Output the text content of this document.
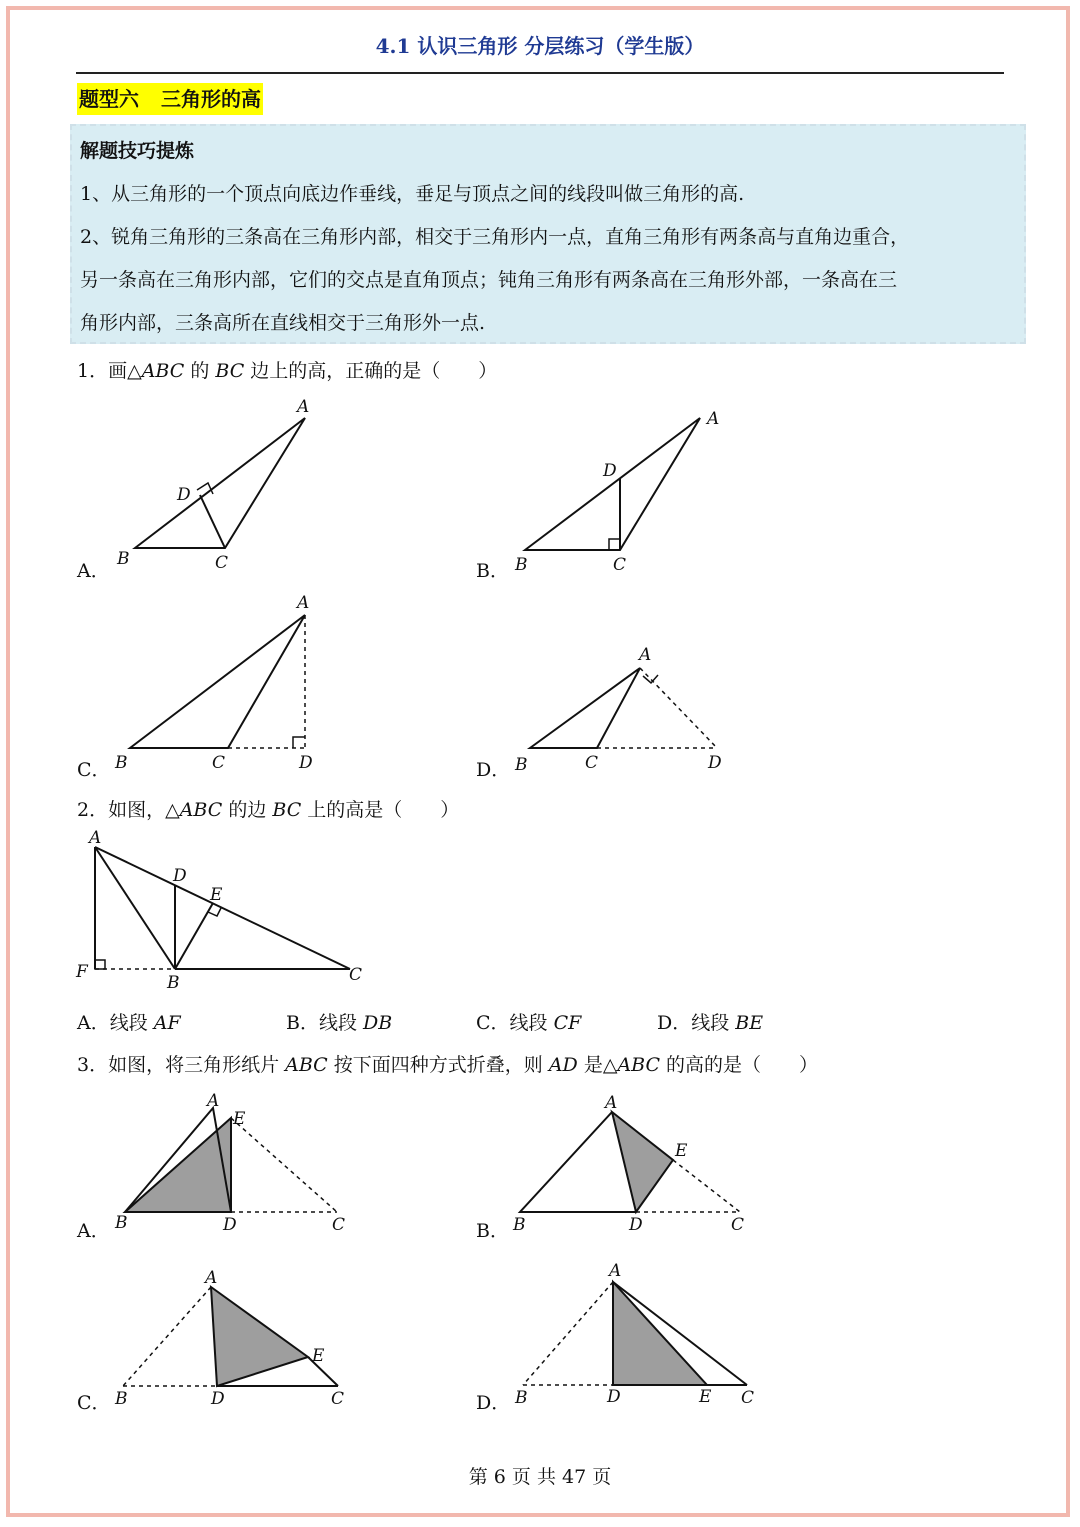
4.1 认识三角形 分层练习（学生版）
题型六 三角形的高

解题技巧提炼

1、从三角形的一个顶点向底边作垂线，垂足与顶点之间的线段叫做三角形的高.

2、锐角三角形的三条高在三角形内部，相交于三角形内一点，直角三角形有两条高与直角边重合，

另一条高在三角形内部，它们的交点是直角顶点；钝角三角形有两条高在三角形外部，一条高在三

角形内部，三条高所在直线相交于三角形外一点.

1．画△ABC 的 BC 边上的高，正确的是（　　）
A．
A
B	C
D
B．
A
B	C
D
C．
A
B	C	D	D．
A
B	C	D
2．如图，△ABC 的边 BC 上的高是（　　）
A
F
B	C
D
E
A．线段 AF	B．线段 DB	C．线段 CF	D．线段 BE
3．如图，将三角形纸片 ABC 按下面四种方式折叠，则 AD 是△ABC 的高的是（　　）
A．
A
E
B	D	C	B．
A
E
B	D	C
C．
A
E
B	D	C	D．
A
B	D	E C
第 6 页 共 47 页
